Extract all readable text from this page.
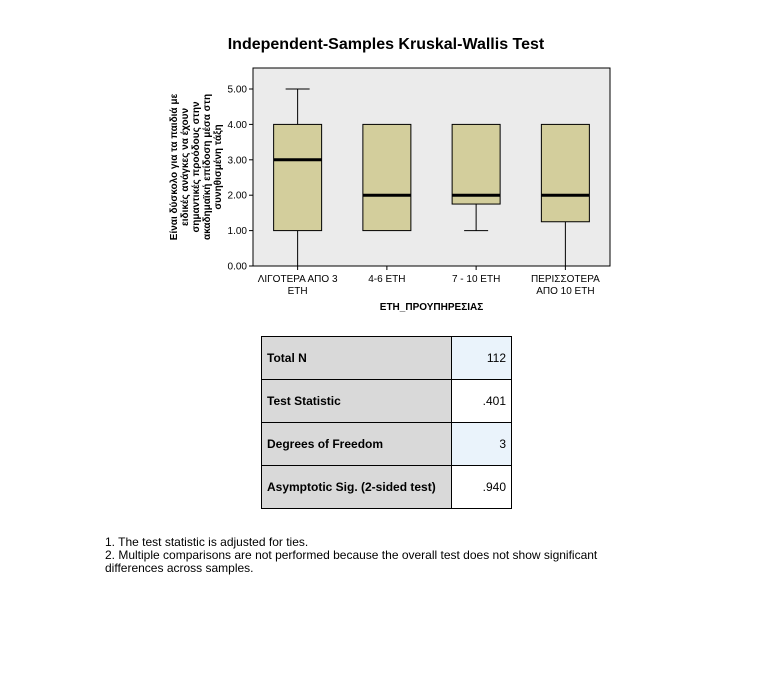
Independent-Samples Kruskal-Wallis Test
0.00
1.00
2.00
3.00
4.00
5.00
ΛΙΓΟΤΕΡΑ ΑΠΟ 3 ΕΤΗ
4-6 ΕΤΗ	7 - 10 ΕΤΗ	ΠΕΡΙΣΣΟΤΕΡΑ ΑΠΟ 10 ΕΤΗ
ΕΤΗ_ΠΡΟΥΠΗΡΕΣΙΑΣ
Είναι δύσκολο για τα παιδιά μεειδικές ανάγκες να έχουνσημαντικές προόδους στηνακαδημαϊκή επίδοση μέσα στησυνηθισμένη τάξη
Total N	112
Test Statistic	.401
Degrees of Freedom	3
Asymptotic Sig. (2-sided test)	.940

1. The test statistic is adjusted for ties.

2. Multiple comparisons are not performed because the overall test does not show significant

differences across samples.
